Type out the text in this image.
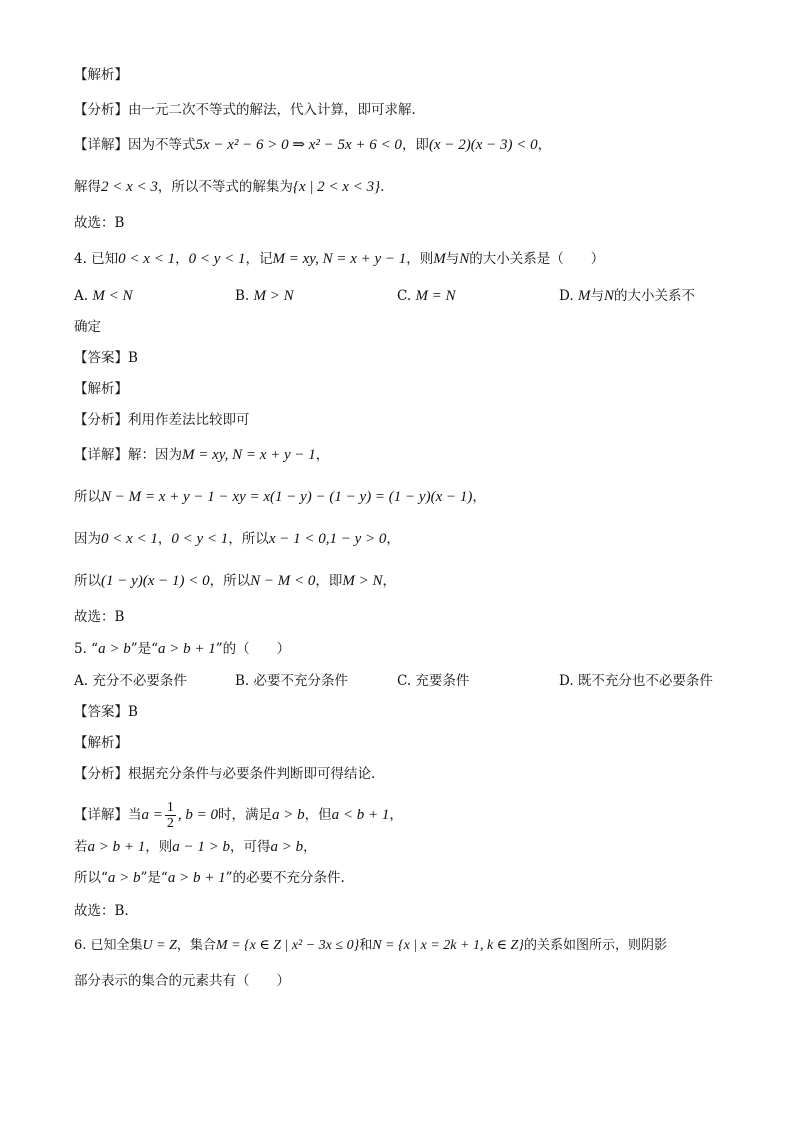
【解析】
【分析】由一元二次不等式的解法，代入计算，即可求解.
【详解】因为不等式5x − x² − 6 > 0 ⇒ x² − 5x + 6 < 0，即(x − 2)(x − 3) < 0，
解得2 < x < 3，所以不等式的解集为{x | 2 < x < 3}.
故选：B
4. 已知0 < x < 1，0 < y < 1，记M = xy, N = x + y − 1，则M与N的大小关系是（　　）
A. M < N	B. M > N	C. M = N	D. M与N的大小关系不
确定
【答案】B
【解析】
【分析】利用作差法比较即可
【详解】解：因为M = xy, N = x + y − 1，
所以N − M = x + y − 1 − xy = x(1 − y) − (1 − y) = (1 − y)(x − 1)，
因为0 < x < 1，0 < y < 1，所以x − 1 < 0,1 − y > 0，
所以(1 − y)(x − 1) < 0，所以N − M < 0，即M > N，
故选：B
5. “a > b”是“a > b + 1”的（　　）
A. 充分不必要条件	B. 必要不充分条件	C. 充要条件	D. 既不充分也不必要条件
【答案】B
【解析】
【分析】根据充分条件与必要条件判断即可得结论.
【详解】当$a = \frac{1}{2}$ , b = 0时，满足a > b，但a < b + 1，
若a > b + 1，则a − 1 > b，可得a > b，
所以“a > b”是“a > b + 1”的必要不充分条件.
故选：B.
6. 已知全集U = Z，集合M = {x ∈ Z | x² − 3x ≤ 0}和N = {x | x = 2k + 1, k ∈ Z}的关系如图所示，则阴影
部分表示的集合的元素共有（　　）
